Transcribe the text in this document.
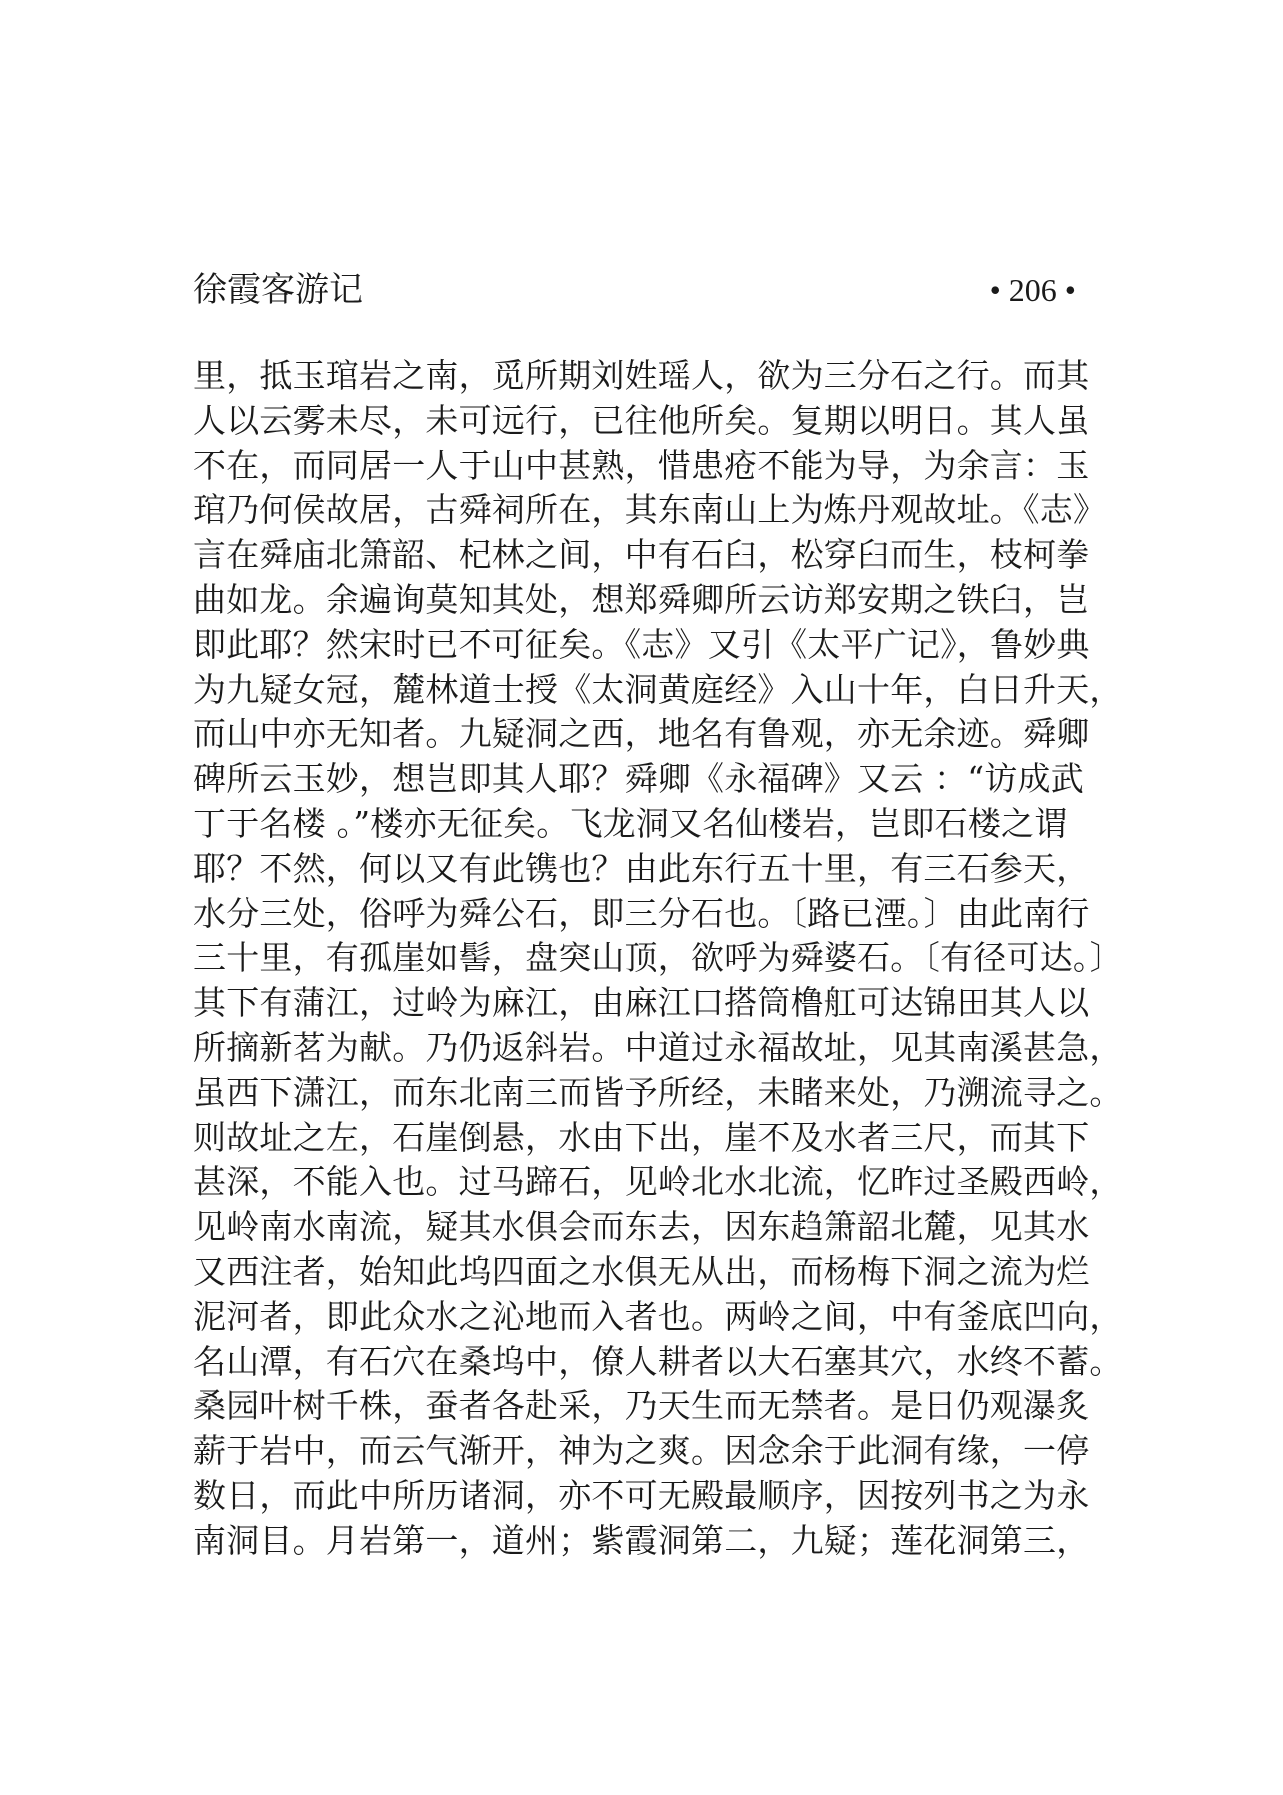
徐霞客游记	• 206 •
里，抵玉琯岩之南，觅所期刘姓瑶人，欲为三分石之行。而其
人以云雾未尽，未可远行，已往他所矣。复期以明日。其人虽
不在，而同居一人于山中甚熟，惜患疮不能为导，为余言：玉
琯乃何侯故居，古舜祠所在，其东南山上为炼丹观故址。《志》
言在舜庙北箫韶、杞林之间，中有石臼，松穿臼而生，枝柯拳
曲如龙。余遍询莫知其处，想郑舜卿所云访郑安期之铁臼，岂
即此耶？然宋时已不可征矣。《志》又引《太平广记》，鲁妙典
为九疑女冠，麓林道士授《太洞黄庭经》入山十年，白日升天，
而山中亦无知者。九疑洞之西，地名有鲁观，亦无余迹。舜卿
碑所云玉妙，想岂即其人耶？舜卿《永福碑》又云 ：“访成武
丁于名楼 。”楼亦无征矣。飞龙洞又名仙楼岩，岂即石楼之谓
耶？不然，何以又有此镌也？由此东行五十里，有三石参天，
水分三处，俗呼为舜公石，即三分石也。〔路已湮。〕由此南行
三十里，有孤崖如髻，盘突山顶，欲呼为舜婆石。〔有径可达。〕
其下有蒲江，过岭为麻江，由麻江口搭筒橹舡可达锦田其人以
所摘新茗为献。乃仍返斜岩。中道过永福故址，见其南溪甚急，
虽西下潇江，而东北南三而皆予所经，未睹来处，乃溯流寻之。
则故址之左，石崖倒悬，水由下出，崖不及水者三尺，而其下
甚深，不能入也。过马蹄石，见岭北水北流，忆昨过圣殿西岭，
见岭南水南流，疑其水俱会而东去，因东趋箫韶北麓，见其水
又西注者，始知此坞四面之水俱无从出，而杨梅下洞之流为烂
泥河者，即此众水之沁地而入者也。两岭之间，中有釜底凹向，
名山潭，有石穴在桑坞中，僚人耕者以大石塞其穴，水终不蓄。
桑园叶树千株，蚕者各赴采，乃天生而无禁者。是日仍观瀑炙
薪于岩中，而云气渐开，神为之爽。因念余于此洞有缘，一停
数日，而此中所历诸洞，亦不可无殿最顺序，因按列书之为永
南洞目。月岩第一，道州；紫霞洞第二，九疑；莲花洞第三，
